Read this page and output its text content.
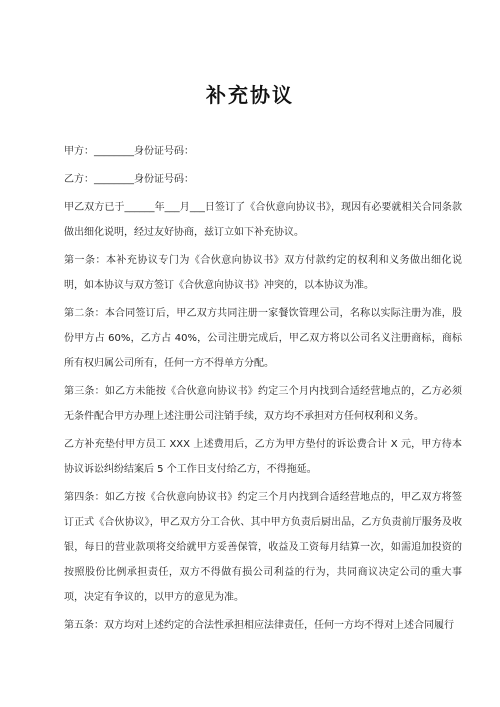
补充协议

甲方：________身份证号码：

乙方：________身份证号码：

甲乙双方已于______年___月___日签订了《合伙意向协议书》，现因有必要就相关合同条款做出细化说明，经过友好协商，兹订立如下补充协议。

第一条：本补充协议专门为《合伙意向协议书》双方付款约定的权利和义务做出细化说明，如本协议与双方签订《合伙意向协议书》冲突的，以本协议为准。

第二条：本合同签订后，甲乙双方共同注册一家餐饮管理公司，名称以实际注册为准，股份甲方占 60%，乙方占 40%，公司注册完成后，甲乙双方将以公司名义注册商标，商标所有权归属公司所有，任何一方不得单方分配。

第三条：如乙方未能按《合伙意向协议书》约定三个月内找到合适经营地点的，乙方必须无条件配合甲方办理上述注册公司注销手续，双方均不承担对方任何权利和义务。

乙方补充垫付甲方员工 XXX 上述费用后，乙方为甲方垫付的诉讼费合计 X 元，甲方待本协议诉讼纠纷结案后 5 个工作日支付给乙方，不得拖延。

第四条：如乙方按《合伙意向协议书》约定三个月内找到合适经营地点的，甲乙双方将签订正式《合伙协议》，甲乙双方分工合伙、其中甲方负责后厨出品，乙方负责前厅服务及收银，每日的营业款项将交给就甲方妥善保管，收益及工资每月结算一次，如需追加投资的按照股份比例承担责任，双方不得做有损公司利益的行为，共同商议决定公司的重大事项，决定有争议的，以甲方的意见为准。

第五条：双方均对上述约定的合法性承担相应法律责任，任何一方均不得对上述合同履行
